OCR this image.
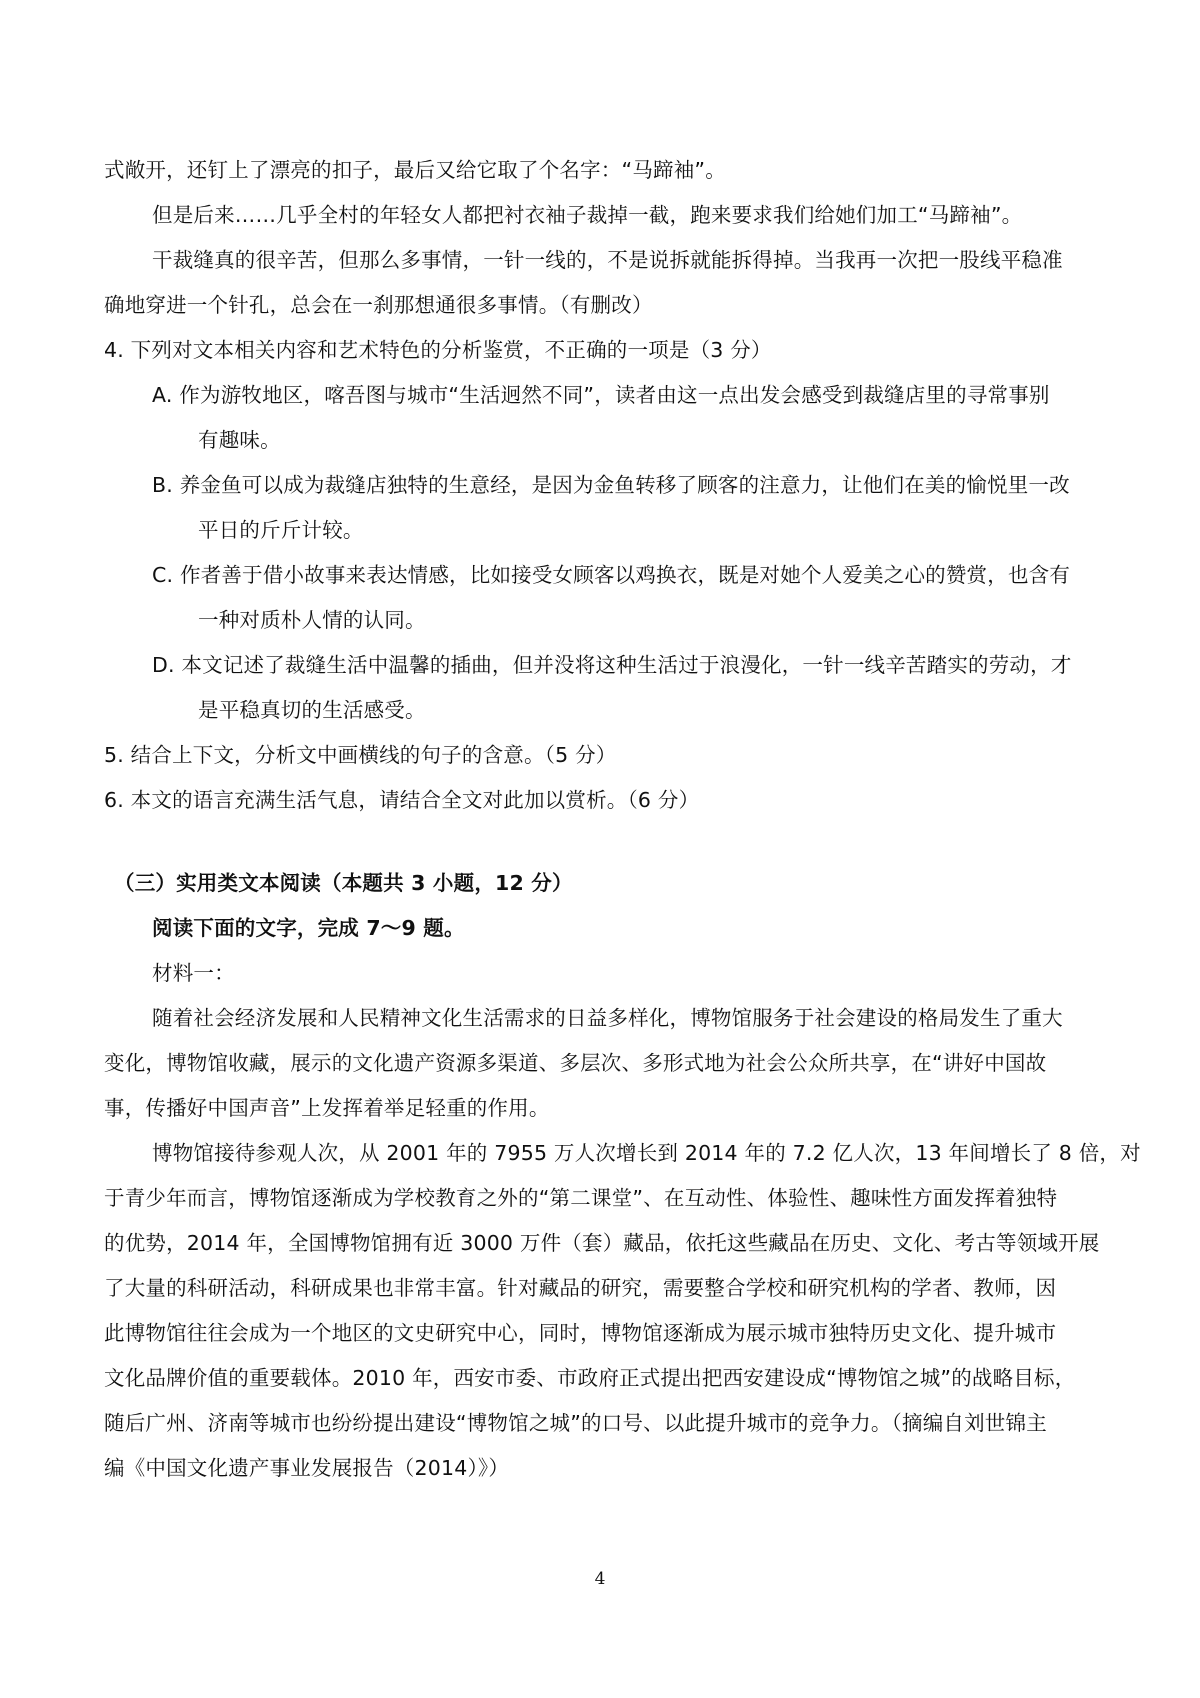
式敞开，还钉上了漂亮的扣子，最后又给它取了个名字：“马蹄袖”。
但是后来……几乎全村的年轻女人都把衬衣袖子裁掉一截，跑来要求我们给她们加工“马蹄袖”。
干裁缝真的很辛苦，但那么多事情，一针一线的，不是说拆就能拆得掉。当我再一次把一股线平稳准
确地穿进一个针孔，总会在一刹那想通很多事情。（有删改）
4. 下列对文本相关内容和艺术特色的分析鉴赏，不正确的一项是（3 分）
A. 作为游牧地区，喀吾图与城市“生活迥然不同”，读者由这一点出发会感受到裁缝店里的寻常事别
有趣味。
B. 养金鱼可以成为裁缝店独特的生意经，是因为金鱼转移了顾客的注意力，让他们在美的愉悦里一改
平日的斤斤计较。
C. 作者善于借小故事来表达情感，比如接受女顾客以鸡换衣，既是对她个人爱美之心的赞赏，也含有
一种对质朴人情的认同。
D. 本文记述了裁缝生活中温馨的插曲，但并没将这种生活过于浪漫化，一针一线辛苦踏实的劳动，才
是平稳真切的生活感受。
5. 结合上下文，分析文中画横线的句子的含意。（5 分）
6. 本文的语言充满生活气息，请结合全文对此加以赏析。（6 分）
（三）实用类文本阅读（本题共 3 小题，12 分）
阅读下面的文字，完成 7～9 题。
材料一：
随着社会经济发展和人民精神文化生活需求的日益多样化，博物馆服务于社会建设的格局发生了重大
变化，博物馆收藏，展示的文化遗产资源多渠道、多层次、多形式地为社会公众所共享，在“讲好中国故
事，传播好中国声音”上发挥着举足轻重的作用。
博物馆接待参观人次，从 2001 年的 7955 万人次增长到 2014 年的 7.2 亿人次，13 年间增长了 8 倍，对
于青少年而言，博物馆逐渐成为学校教育之外的“第二课堂”、在互动性、体验性、趣味性方面发挥着独特
的优势，2014 年，全国博物馆拥有近 3000 万件（套）藏品，依托这些藏品在历史、文化、考古等领域开展
了大量的科研活动，科研成果也非常丰富。针对藏品的研究，需要整合学校和研究机构的学者、教师，因
此博物馆往往会成为一个地区的文史研究中心，同时，博物馆逐渐成为展示城市独特历史文化、提升城市
文化品牌价值的重要载体。2010 年，西安市委、市政府正式提出把西安建设成“博物馆之城”的战略目标，
随后广州、济南等城市也纷纷提出建设“博物馆之城”的口号、以此提升城市的竞争力。（摘编自刘世锦主
编《中国文化遗产事业发展报告（2014）》）
4
